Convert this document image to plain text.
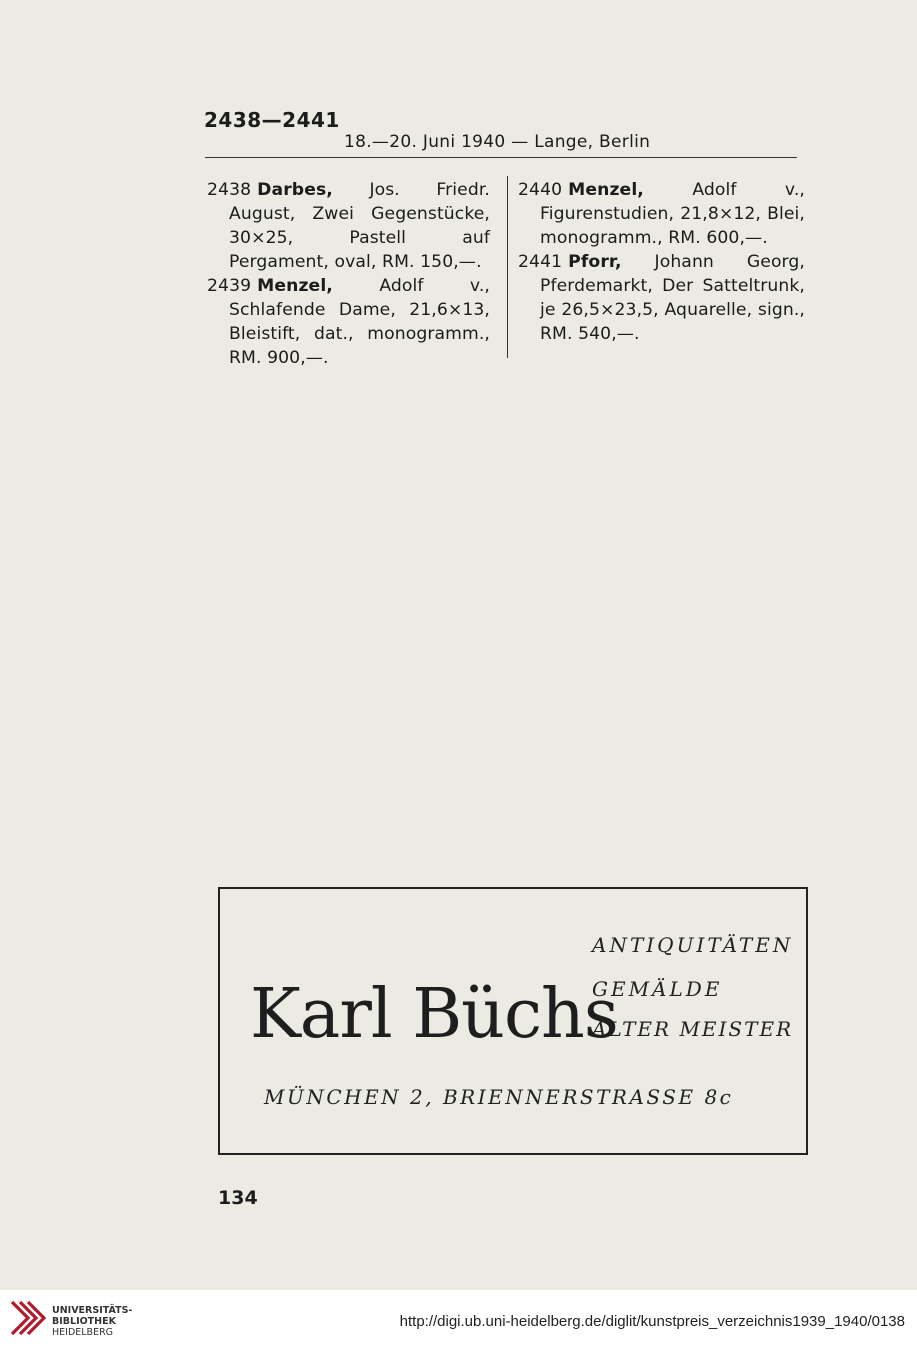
2438—2441
18.—20. Juni 1940 — Lange, Berlin

2438 Darbes, Jos. Friedr. August, Zwei Gegenstücke, 30×25, Pastell auf Pergament, oval, RM. 150,—.

2439 Menzel,	Adolf v., Schlafende Dame, 21,6×13, Bleistift, dat., monogramm., RM. 900,—.

2440 Menzel,	Adolf v., Figurenstudien, 21,8×12, Blei, monogramm., RM. 600,—.

2441 Pforr, Johann Georg, Pferdemarkt, Der Satteltrunk, je 26,5×23,5, Aquarelle, sign., RM. 540,—.

ANTIQUITÄTEN
GEMÄLDE
ALTER MEISTER
Karl Büchs
MÜNCHEN 2, BRIENNERSTRASSE 8c
134
UNIVERSITÄTS-
BIBLIOTHEK
HEIDELBERG
http://digi.ub.uni-heidelberg.de/diglit/kunstpreis_verzeichnis1939_1940/0138
